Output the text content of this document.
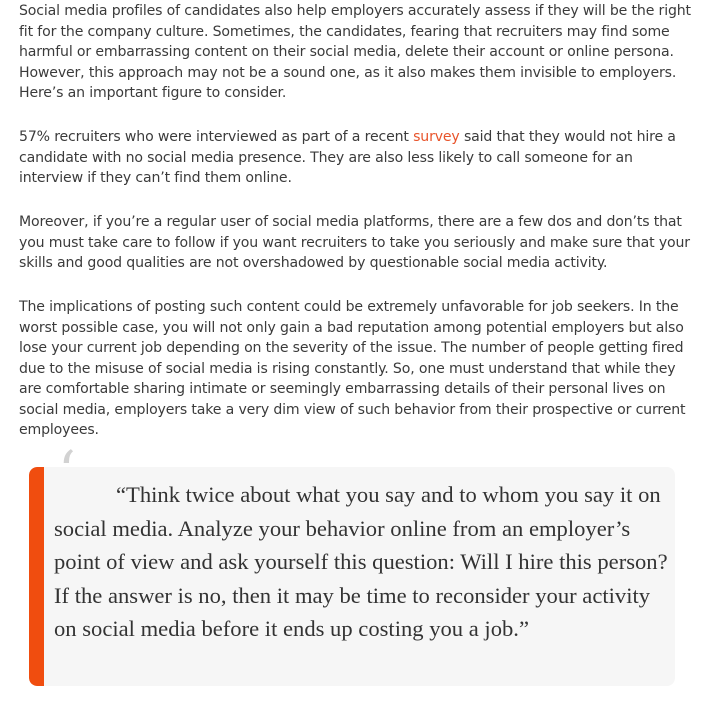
Social media profiles of candidates also help employers accurately assess if they will be the right fit for the company culture. Sometimes, the candidates, fearing that recruiters may find some harmful or embarrassing content on their social media, delete their account or online persona. However, this approach may not be a sound one, as it also makes them invisible to employers. Here’s an important figure to consider.

57% recruiters who were interviewed as part of a recent survey said that they would not hire a candidate with no social media presence. They are also less likely to call someone for an interview if they can’t find them online.

Moreover, if you’re a regular user of social media platforms, there are a few dos and don’ts that you must take care to follow if you want recruiters to take you seriously and make sure that your skills and good qualities are not overshadowed by questionable social media activity.

The implications of posting such content could be extremely unfavorable for job seekers. In the worst possible case, you will not only gain a bad reputation among potential employers but also lose your current job depending on the severity of the issue. The number of people getting fired due to the misuse of social media is rising constantly. So, one must understand that while they are comfortable sharing intimate or seemingly embarrassing details of their personal lives on social media, employers take a very dim view of such behavior from their prospective or current employees.

‘	“Think twice about what you say and to whom you say it on social media. Analyze your behavior online from an employer’s point of view and ask yourself this question: Will I hire this person? If the answer is no, then it may be time to reconsider your activity on social media before it ends up costing you a job.”
